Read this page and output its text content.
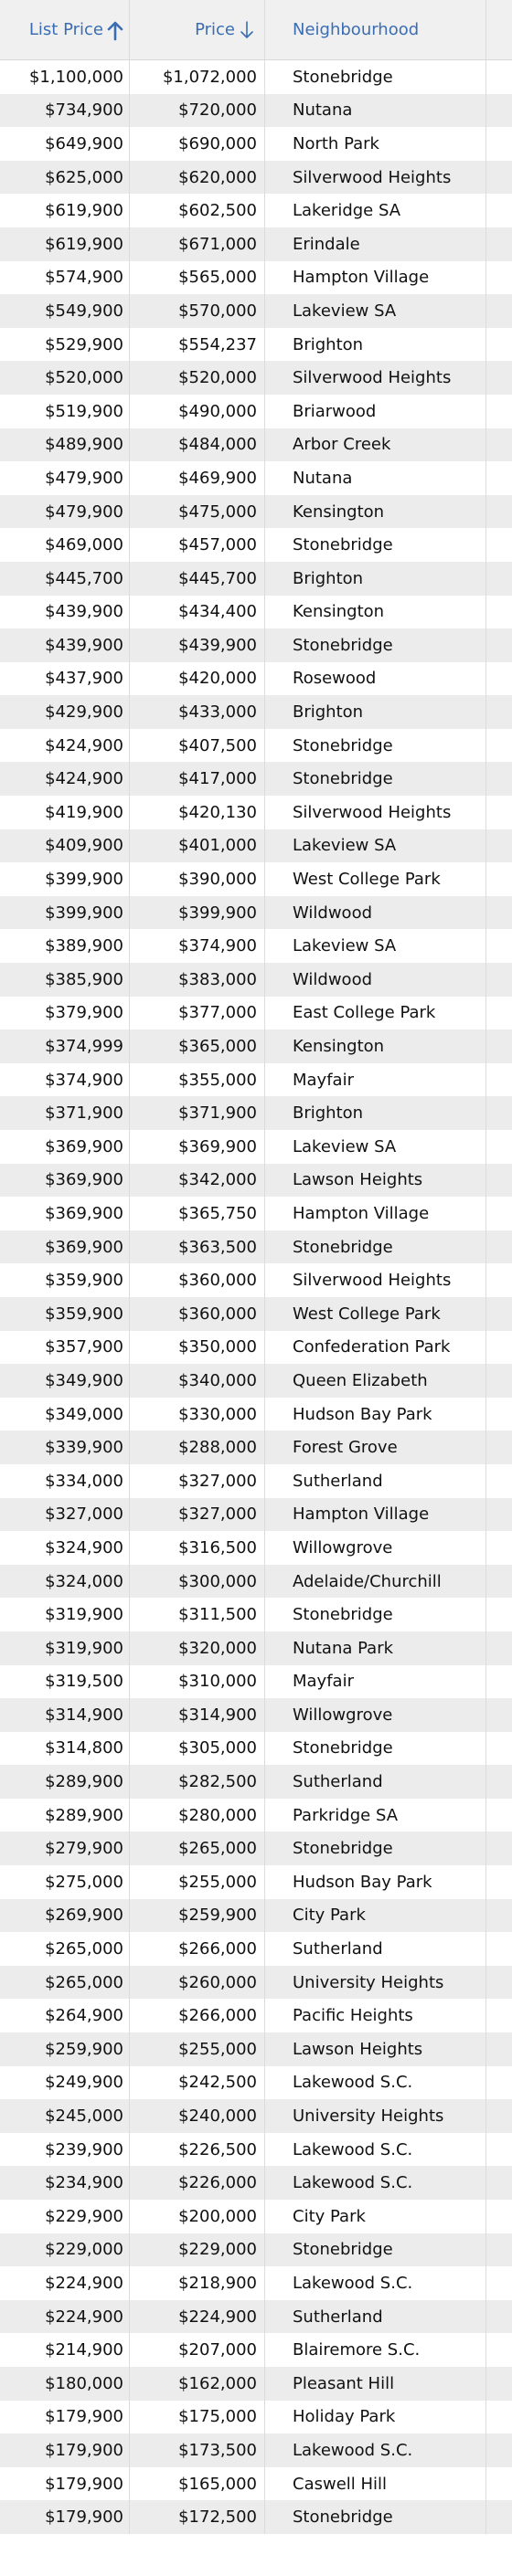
List Price	Price	Neighbourhood
$1,100,000	$1,072,000	Stonebridge
$734,900	$720,000	Nutana
$649,900	$690,000	North Park
$625,000	$620,000	Silverwood Heights
$619,900	$602,500	Lakeridge SA
$619,900	$671,000	Erindale
$574,900	$565,000	Hampton Village
$549,900	$570,000	Lakeview SA
$529,900	$554,237	Brighton
$520,000	$520,000	Silverwood Heights
$519,900	$490,000	Briarwood
$489,900	$484,000	Arbor Creek
$479,900	$469,900	Nutana
$479,900	$475,000	Kensington
$469,000	$457,000	Stonebridge
$445,700	$445,700	Brighton
$439,900	$434,400	Kensington
$439,900	$439,900	Stonebridge
$437,900	$420,000	Rosewood
$429,900	$433,000	Brighton
$424,900	$407,500	Stonebridge
$424,900	$417,000	Stonebridge
$419,900	$420,130	Silverwood Heights
$409,900	$401,000	Lakeview SA
$399,900	$390,000	West College Park
$399,900	$399,900	Wildwood
$389,900	$374,900	Lakeview SA
$385,900	$383,000	Wildwood
$379,900	$377,000	East College Park
$374,999	$365,000	Kensington
$374,900	$355,000	Mayfair
$371,900	$371,900	Brighton
$369,900	$369,900	Lakeview SA
$369,900	$342,000	Lawson Heights
$369,900	$365,750	Hampton Village
$369,900	$363,500	Stonebridge
$359,900	$360,000	Silverwood Heights
$359,900	$360,000	West College Park
$357,900	$350,000	Confederation Park
$349,900	$340,000	Queen Elizabeth
$349,000	$330,000	Hudson Bay Park
$339,900	$288,000	Forest Grove
$334,000	$327,000	Sutherland
$327,000	$327,000	Hampton Village
$324,900	$316,500	Willowgrove
$324,000	$300,000	Adelaide/Churchill
$319,900	$311,500	Stonebridge
$319,900	$320,000	Nutana Park
$319,500	$310,000	Mayfair
$314,900	$314,900	Willowgrove
$314,800	$305,000	Stonebridge
$289,900	$282,500	Sutherland
$289,900	$280,000	Parkridge SA
$279,900	$265,000	Stonebridge
$275,000	$255,000	Hudson Bay Park
$269,900	$259,900	City Park
$265,000	$266,000	Sutherland
$265,000	$260,000	University Heights
$264,900	$266,000	Pacific Heights
$259,900	$255,000	Lawson Heights
$249,900	$242,500	Lakewood S.C.
$245,000	$240,000	University Heights
$239,900	$226,500	Lakewood S.C.
$234,900	$226,000	Lakewood S.C.
$229,900	$200,000	City Park
$229,000	$229,000	Stonebridge
$224,900	$218,900	Lakewood S.C.
$224,900	$224,900	Sutherland
$214,900	$207,000	Blairemore S.C.
$180,000	$162,000	Pleasant Hill
$179,900	$175,000	Holiday Park
$179,900	$173,500	Lakewood S.C.
$179,900	$165,000	Caswell Hill
$179,900	$172,500	Stonebridge
